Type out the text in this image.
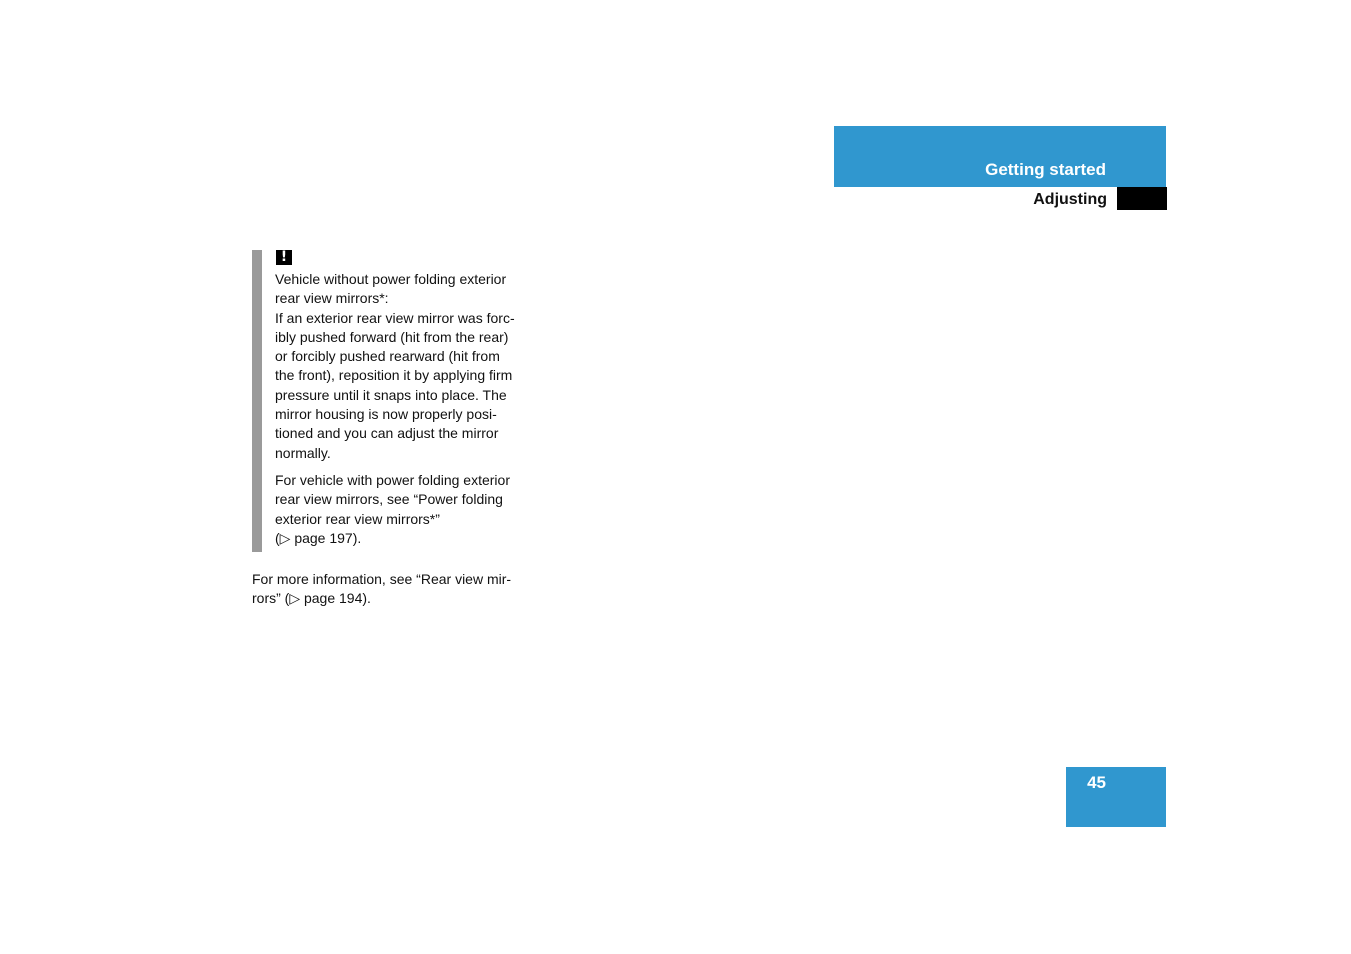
Getting started
Adjusting
!

Vehicle without power folding exterior
rear view mirrors*:
If an exterior rear view mirror was forc-
ibly pushed forward (hit from the rear)
or forcibly pushed rearward (hit from
the front), reposition it by applying firm
pressure until it snaps into place. The
mirror housing is now properly posi-
tioned and you can adjust the mirror
normally.

For vehicle with power folding exterior
rear view mirrors, see “Power folding
exterior rear view mirrors*”
(▷ page 197).

For more information, see “Rear view mir-
rors” (▷ page 194).

45
